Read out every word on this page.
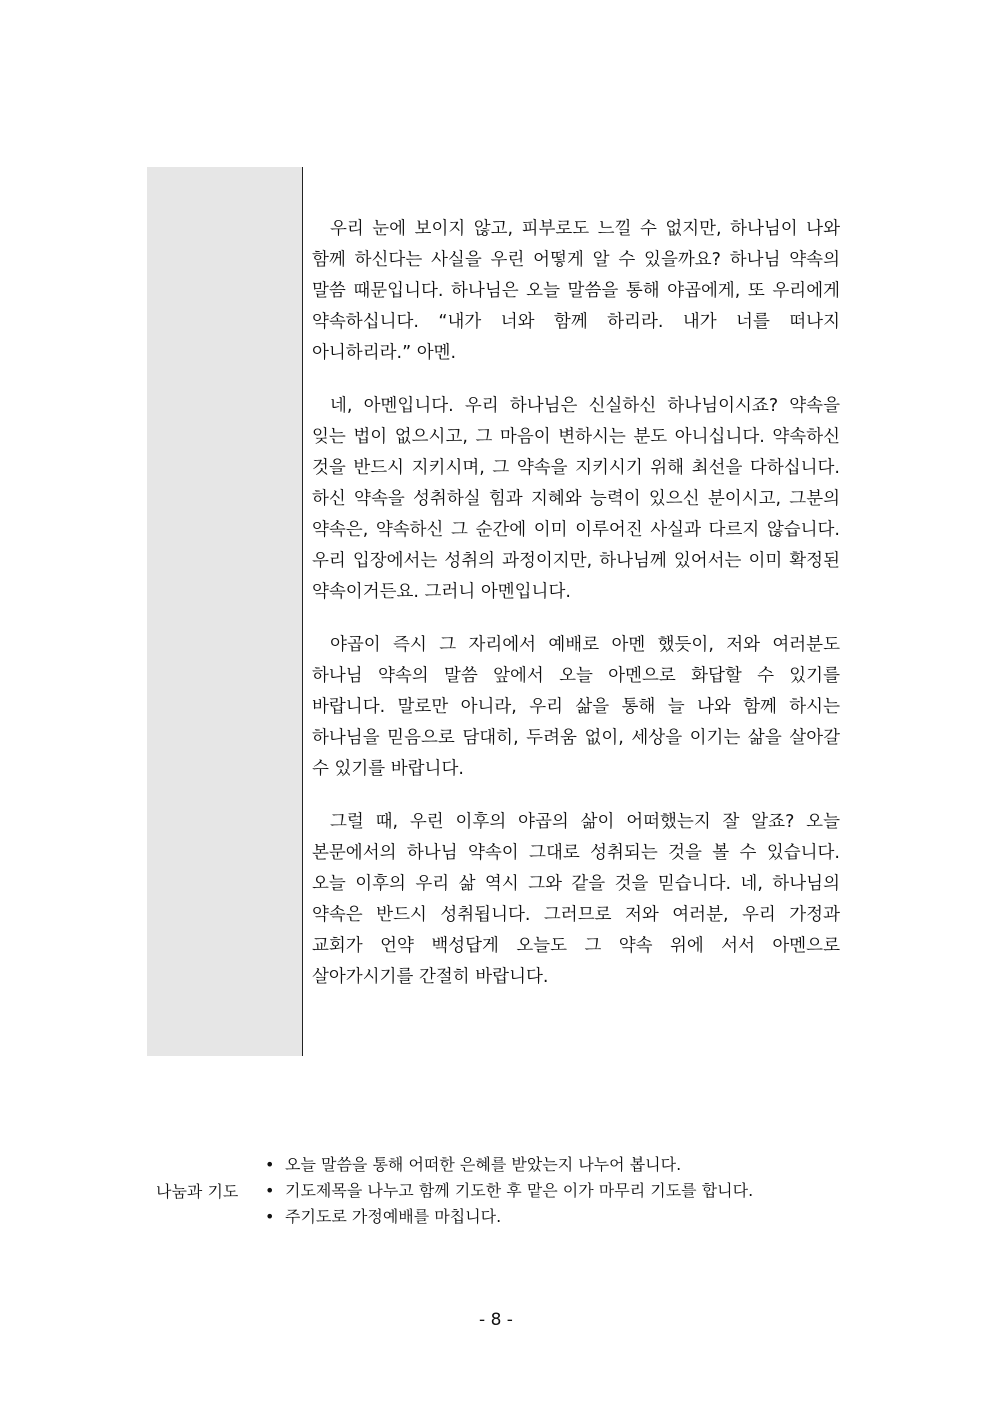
우리 눈에 보이지 않고, 피부로도 느낄 수 없지만, 하나님이 나와 함께 하신다는 사실을 우린 어떻게 알 수 있을까요? 하나님 약속의 말씀 때문입니다. 하나님은 오늘 말씀을 통해 야곱에게, 또 우리에게 약속하십니다. “내가 너와 함께 하리라. 내가 너를 떠나지 아니하리라.” 아멘.

네, 아멘입니다. 우리 하나님은 신실하신 하나님이시죠? 약속을 잊는 법이 없으시고, 그 마음이 변하시는 분도 아니십니다. 약속하신 것을 반드시 지키시며, 그 약속을 지키시기 위해 최선을 다하십니다. 하신 약속을 성취하실 힘과 지혜와 능력이 있으신 분이시고, 그분의 약속은, 약속하신 그 순간에 이미 이루어진 사실과 다르지 않습니다. 우리 입장에서는 성취의 과정이지만, 하나님께 있어서는 이미 확정된 약속이거든요. 그러니 아멘입니다.

야곱이 즉시 그 자리에서 예배로 아멘 했듯이, 저와 여러분도 하나님 약속의 말씀 앞에서 오늘 아멘으로 화답할 수 있기를 바랍니다. 말로만 아니라, 우리 삶을 통해 늘 나와 함께 하시는 하나님을 믿음으로 담대히, 두려움 없이, 세상을 이기는 삶을 살아갈 수 있기를 바랍니다.

그럴 때, 우린 이후의 야곱의 삶이 어떠했는지 잘 알죠? 오늘 본문에서의 하나님 약속이 그대로 성취되는 것을 볼 수 있습니다. 오늘 이후의 우리 삶 역시 그와 같을 것을 믿습니다. 네, 하나님의 약속은 반드시 성취됩니다. 그러므로 저와 여러분, 우리 가정과 교회가 언약 백성답게 오늘도 그 약속 위에 서서 아멘으로 살아가시기를 간절히 바랍니다.

나눔과 기도
• 오늘 말씀을 통해 어떠한 은혜를 받았는지 나누어 봅니다.
• 기도제목을 나누고 함께 기도한 후 맡은 이가 마무리 기도를 합니다.
• 주기도로 가정예배를 마칩니다.
- 8 -
